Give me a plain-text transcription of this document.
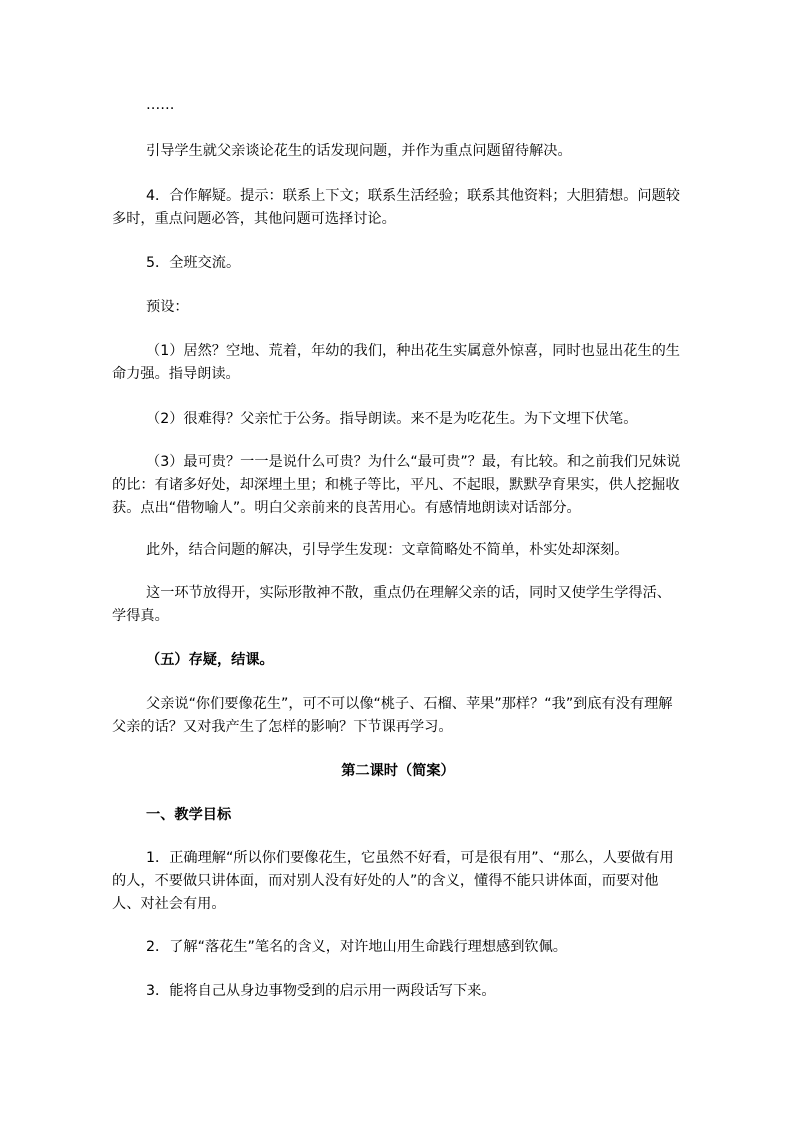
……

引导学生就父亲谈论花生的话发现问题，并作为重点问题留待解决。

4．合作解疑。提示：联系上下文；联系生活经验；联系其他资料；大胆猜想。问题较多时，重点问题必答，其他问题可选择讨论。

5．全班交流。

预设：

（1）居然？空地、荒着，年幼的我们，种出花生实属意外惊喜，同时也显出花生的生命力强。指导朗读。

（2）很难得？父亲忙于公务。指导朗读。来不是为吃花生。为下文埋下伏笔。

（3）最可贵？一一是说什么可贵？为什么“最可贵”？最，有比较。和之前我们兄妹说的比：有诸多好处，却深埋土里；和桃子等比，平凡、不起眼，默默孕育果实，供人挖掘收获。点出“借物喻人”。明白父亲前来的良苦用心。有感情地朗读对话部分。

此外，结合问题的解决，引导学生发现：文章简略处不简单，朴实处却深刻。

这一环节放得开，实际形散神不散，重点仍在理解父亲的话，同时又使学生学得活、学得真。

（五）存疑，结课。

父亲说“你们要像花生”，可不可以像“桃子、石榴、苹果”那样？“我”到底有没有理解父亲的话？又对我产生了怎样的影响？下节课再学习。

第二课时（简案）

一、教学目标

1．正确理解“所以你们要像花生，它虽然不好看，可是很有用”、“那么，人要做有用的人，不要做只讲体面，而对别人没有好处的人”的含义，懂得不能只讲体面，而要对他人、对社会有用。

2．了解“落花生”笔名的含义，对许地山用生命践行理想感到钦佩。

3．能将自己从身边事物受到的启示用一两段话写下来。
